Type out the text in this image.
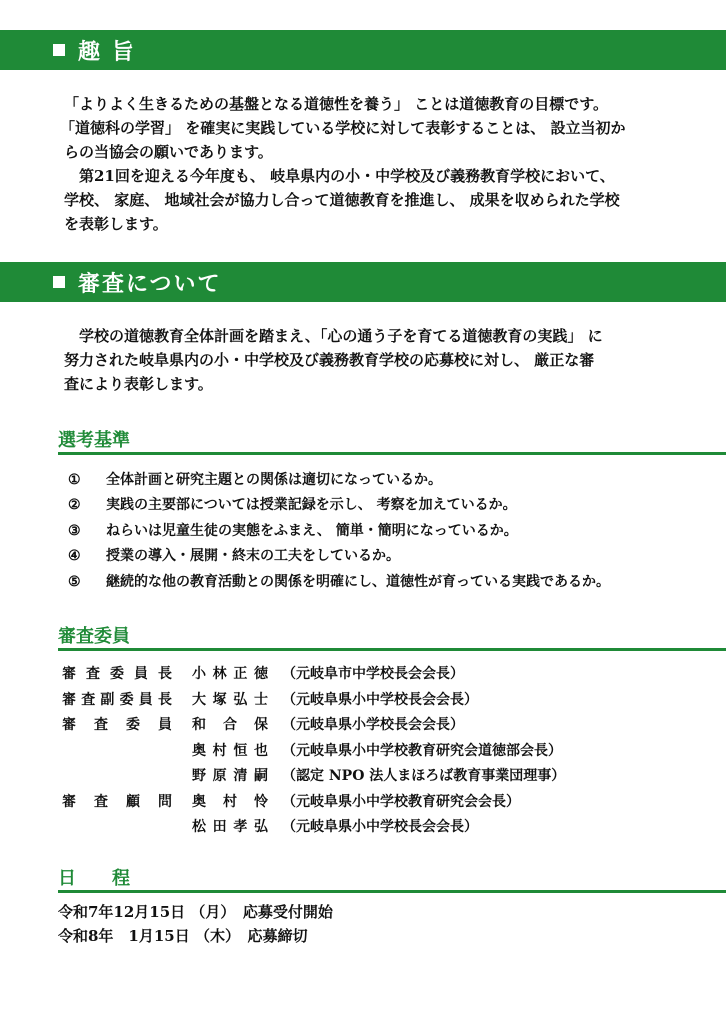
趣 旨

「よりよく生きるための基盤となる道徳性を養う」 ことは道徳教育の目標です。

「道徳科の学習」 を確実に実践している学校に対して表彰することは、 設立当初か

らの当協会の願いであります。

　第21回を迎える今年度も、 岐阜県内の小・中学校及び義務教育学校において、

学校、 家庭、 地域社会が協力し合って道徳教育を推進し、 成果を収められた学校

を表彰します。

審査について

　学校の道徳教育全体計画を踏まえ、「心の通う子を育てる道徳教育の実践」 に

努力された岐阜県内の小・中学校及び義務教育学校の応募校に対し、 厳正な審

査により表彰します。

選考基準
①	全体計画と研究主題との関係は適切になっているか。
②	実践の主要部については授業記録を示し、 考察を加えているか。
③	ねらいは児童生徒の実態をふまえ、 簡単・簡明になっているか。
④	授業の導入・展開・終末の工夫をしているか。
⑤	継続的な他の教育活動との関係を明確にし、道徳性が育っている実践であるか。
審査委員
審査委員長 小林正徳 （元岐阜市中学校長会会長）
審査副委員長 大塚弘士 （元岐阜県小中学校長会会長）
審査委員 和合保 （元岐阜県小学校長会会長）
奥村恒也 （元岐阜県小中学校教育研究会道徳部会長）
野原清嗣 （認定 NPO 法人まほろば教育事業団理事）
審査顧問 奥村怜 （元岐阜県小中学校教育研究会会長）
松田孝弘 （元岐阜県小中学校長会会長）
日　　程
令和7年12月15日 （月）　応募受付開始
令和8年　1月15日 （木）　応募締切
